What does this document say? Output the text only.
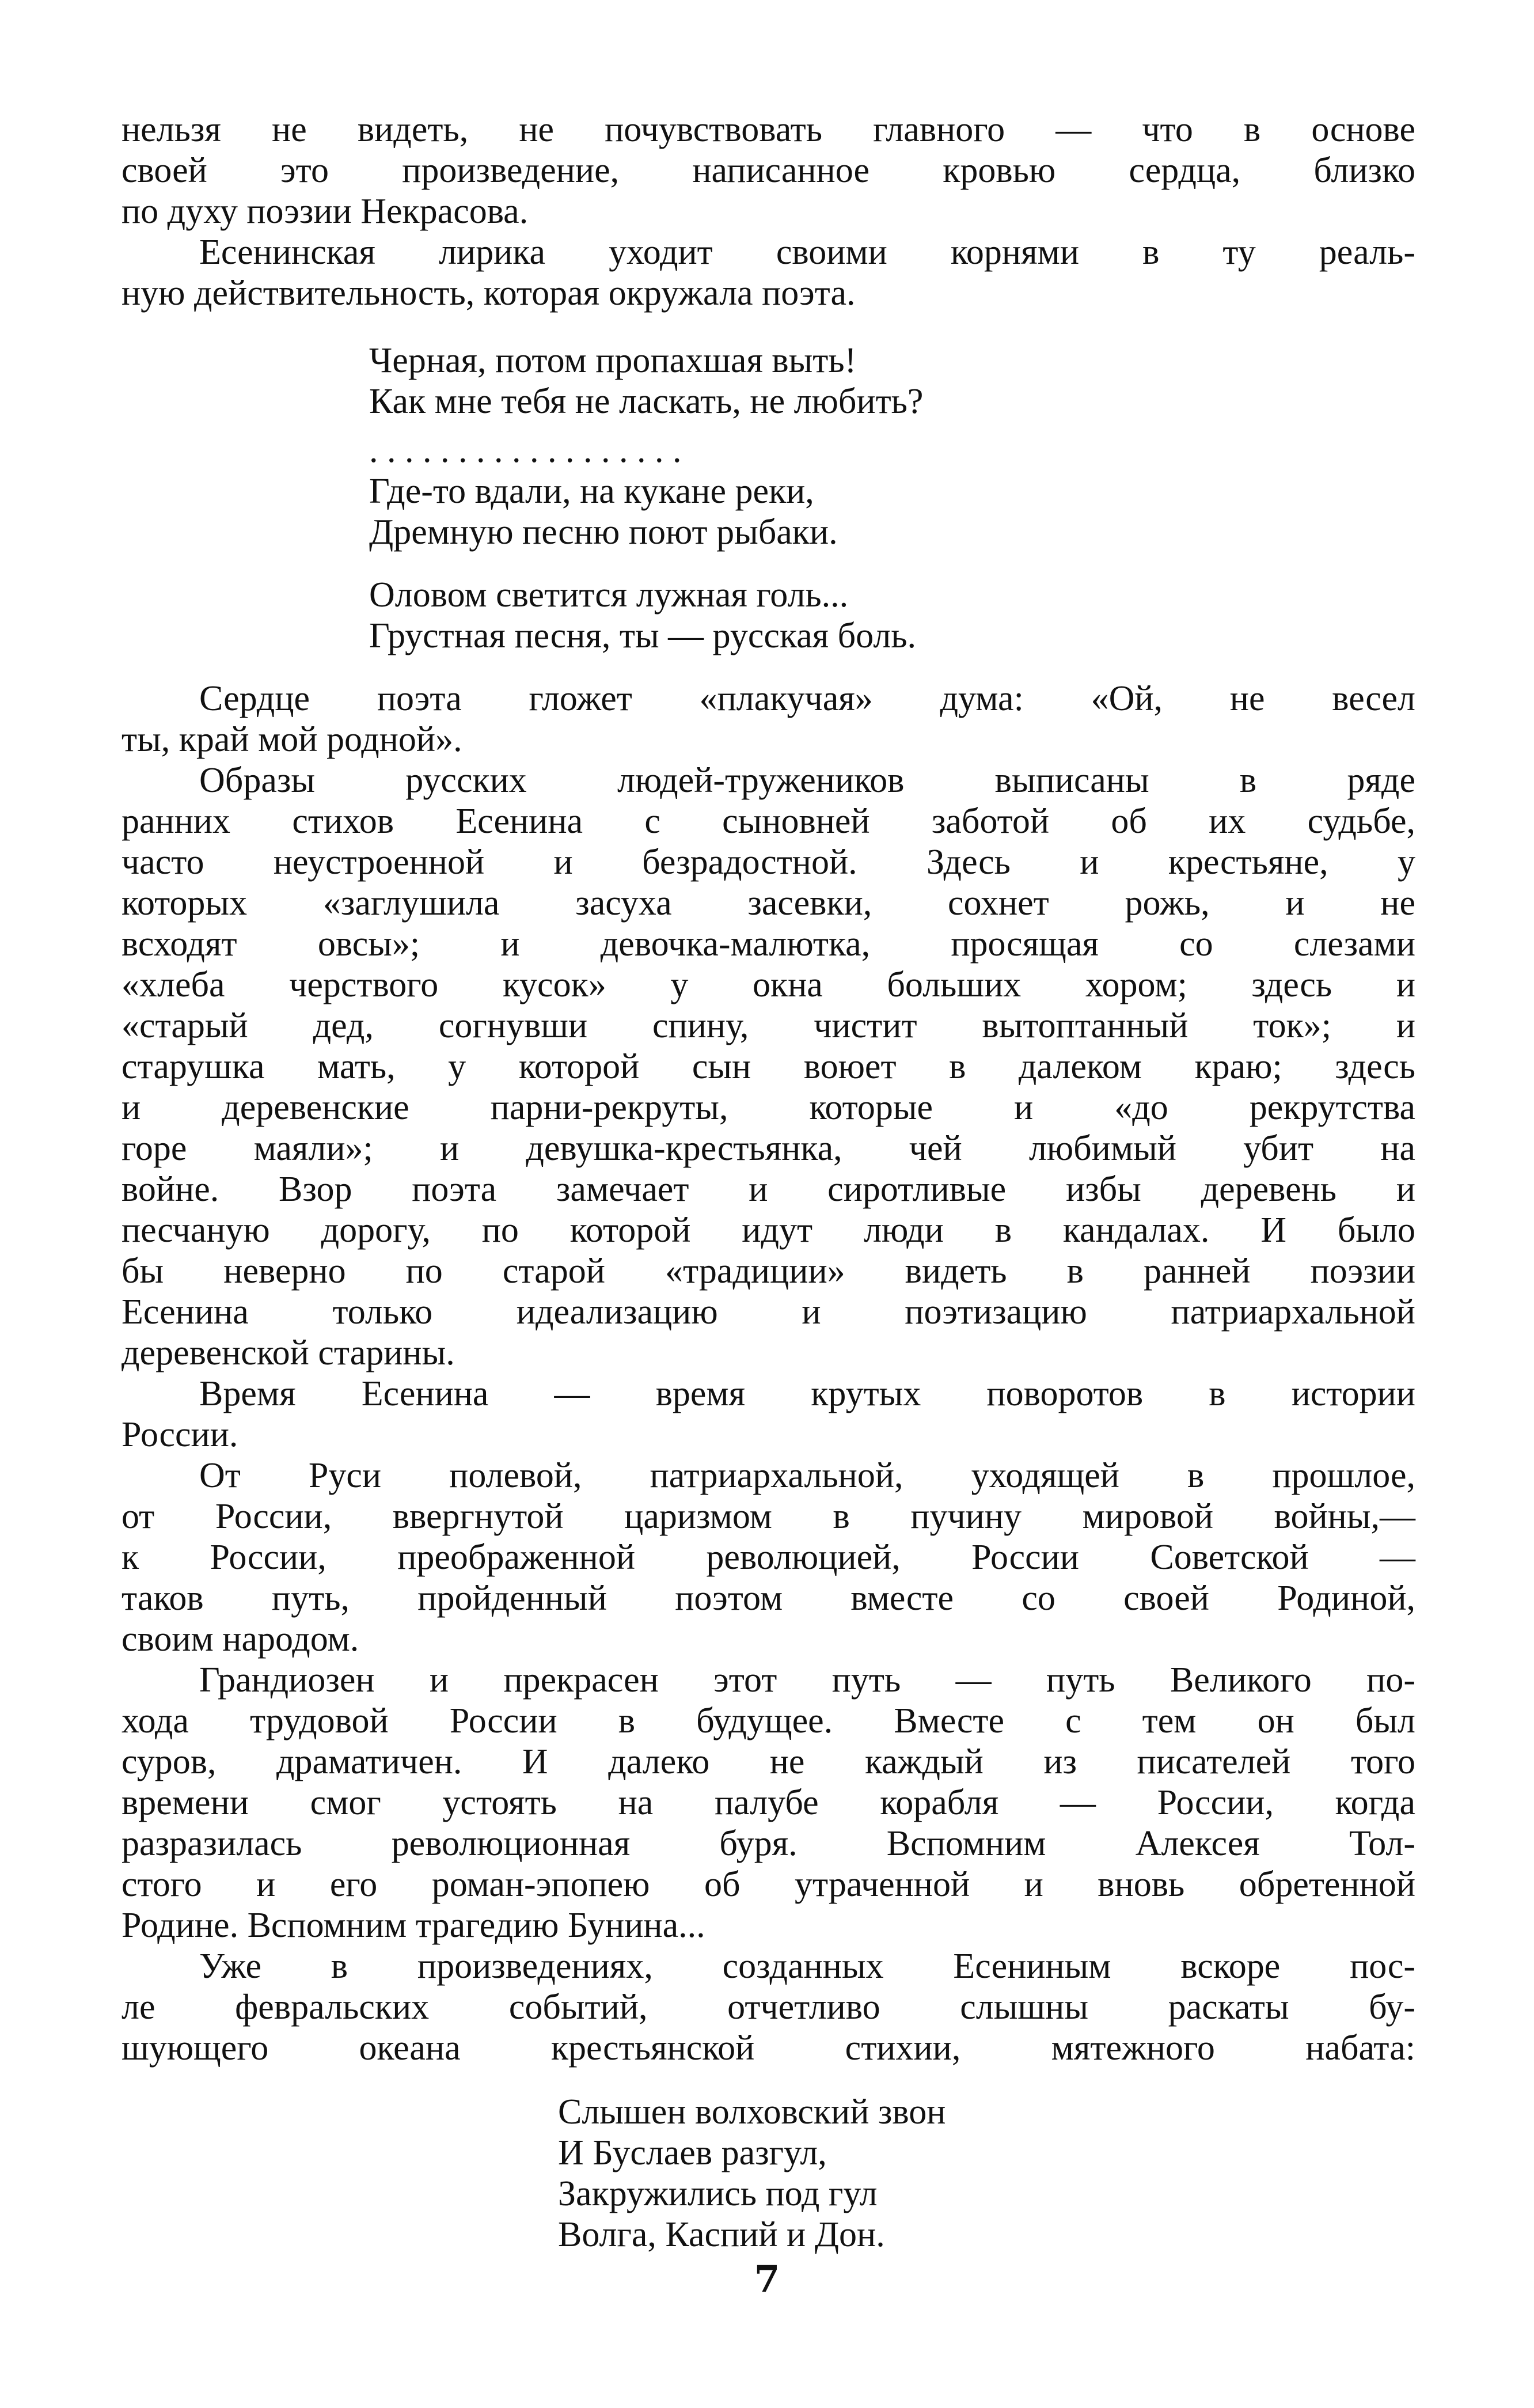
нельзя не видеть, не почувствовать главного — что в основе
своей это произведение, написанное кровью сердца, близко
по духу поэзии Некрасова.
Есенинская лирика уходит своими корнями в ту реаль-
ную действительность, которая окружала поэта.
Черная, потом пропахшая выть!
Как мне тебя не ласкать, не любить?
. . . . . . . . . . . . . . . . . .
Где-то вдали, на кукане реки,
Дремную песню поют рыбаки.
Оловом светится лужная голь...
Грустная песня, ты — русская боль.
Сердце поэта гложет «плакучая» дума: «Ой, не весел
ты, край мой родной».
Образы русских людей-тружеников выписаны в ряде
ранних стихов Есенина с сыновней заботой об их судьбе,
часто неустроенной и безрадостной. Здесь и крестьяне, у
которых «заглушила засуха засевки, сохнет рожь, и не
всходят овсы»; и девочка-малютка, просящая со слезами
«хлеба черствого кусок» у окна больших хором; здесь и
«старый дед, согнувши спину, чистит вытоптанный ток»; и
старушка мать, у которой сын воюет в далеком краю; здесь
и деревенские парни-рекруты, которые и «до рекрутства
горе маяли»; и девушка-крестьянка, чей любимый убит на
войне. Взор поэта замечает и сиротливые избы деревень и
песчаную дорогу, по которой идут люди в кандалах. И было
бы неверно по старой «традиции» видеть в ранней поэзии
Есенина только идеализацию и поэтизацию патриархальной
деревенской старины.
Время Есенина — время крутых поворотов в истории
России.
От Руси полевой, патриархальной, уходящей в прошлое,
от России, ввергнутой царизмом в пучину мировой войны,—
к России, преображенной революцией, России Советской —
таков путь, пройденный поэтом вместе со своей Родиной,
своим народом.
Грандиозен и прекрасен этот путь — путь Великого по-
хода трудовой России в будущее. Вместе с тем он был
суров, драматичен. И далеко не каждый из писателей того
времени смог устоять на палубе корабля — России, когда
разразилась революционная буря. Вспомним Алексея Тол-
стого и его роман-эпопею об утраченной и вновь обретенной
Родине. Вспомним трагедию Бунина...
Уже в произведениях, созданных Есениным вскоре пос-
ле февральских событий, отчетливо слышны раскаты бу-
шующего океана крестьянской стихии, мятежного набата:
Слышен волховский звон
И Буслаев разгул,
Закружились под гул
Волга, Каспий и Дон.
7
